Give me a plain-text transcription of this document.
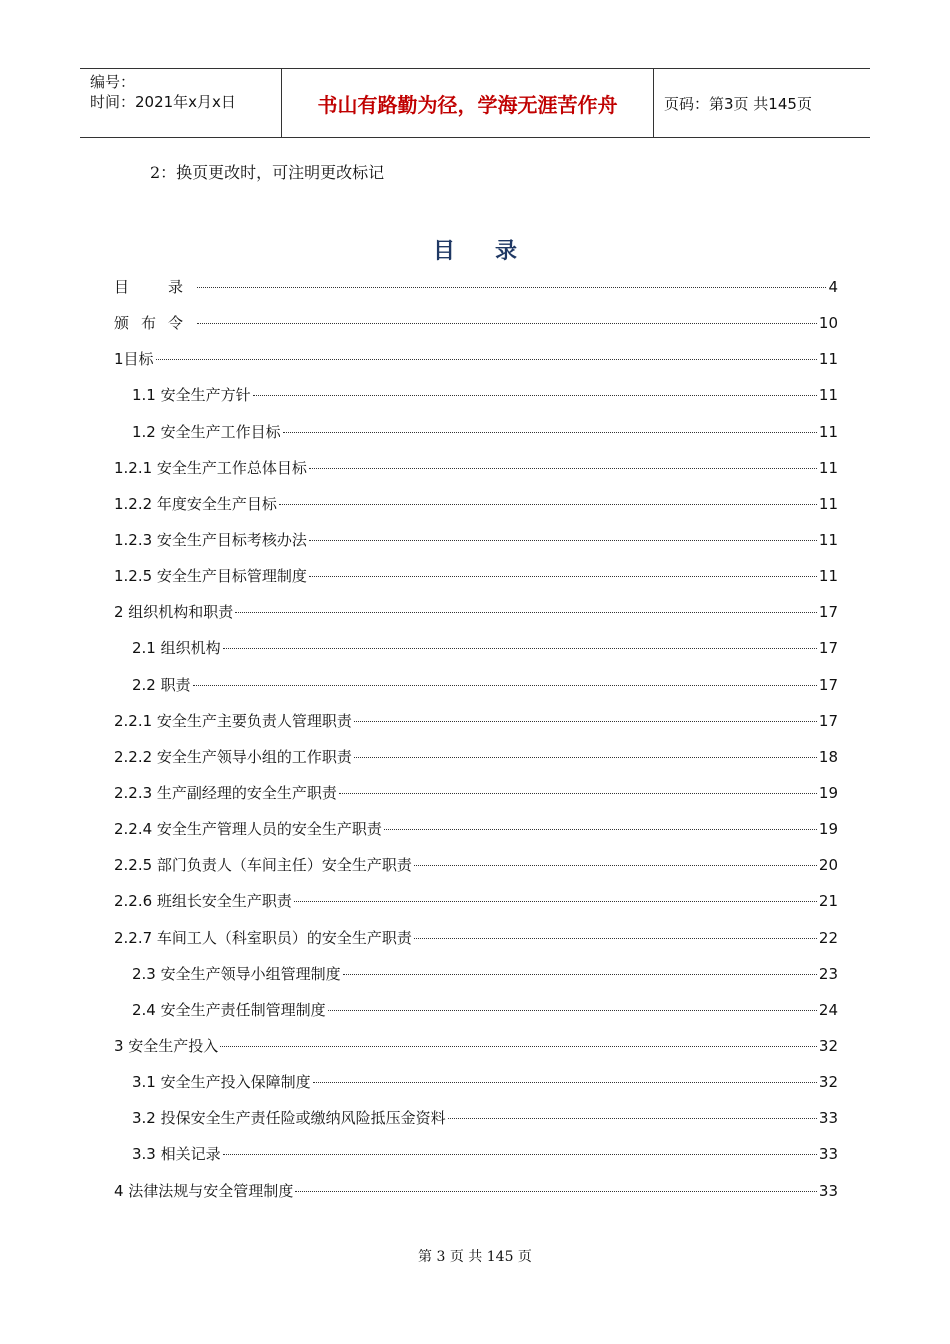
编号：
时间：2021年x月x日	书山有路勤为径，学海无涯苦作舟	页码：第3页 共145页
2：换页更改时，可注明更改标记
目录
目　录	4
颁布令	10
1目标	11
1.1 安全生产方针	11
1.2 安全生产工作目标	11
1.2.1 安全生产工作总体目标	11
1.2.2 年度安全生产目标	11
1.2.3 安全生产目标考核办法	11
1.2.5 安全生产目标管理制度	11
2 组织机构和职责	17
2.1 组织机构	17
2.2 职责	17
2.2.1 安全生产主要负责人管理职责	17
2.2.2 安全生产领导小组的工作职责	18
2.2.3 生产副经理的安全生产职责	19
2.2.4 安全生产管理人员的安全生产职责	19
2.2.5 部门负责人（车间主任）安全生产职责	20
2.2.6 班组长安全生产职责	21
2.2.7 车间工人（科室职员）的安全生产职责	22
2.3 安全生产领导小组管理制度	23
2.4 安全生产责任制管理制度	24
3 安全生产投入	32
3.1 安全生产投入保障制度	32
3.2 投保安全生产责任险或缴纳风险抵压金资料	33
3.3 相关记录	33
4 法律法规与安全管理制度	33
第 3 页 共 145 页
